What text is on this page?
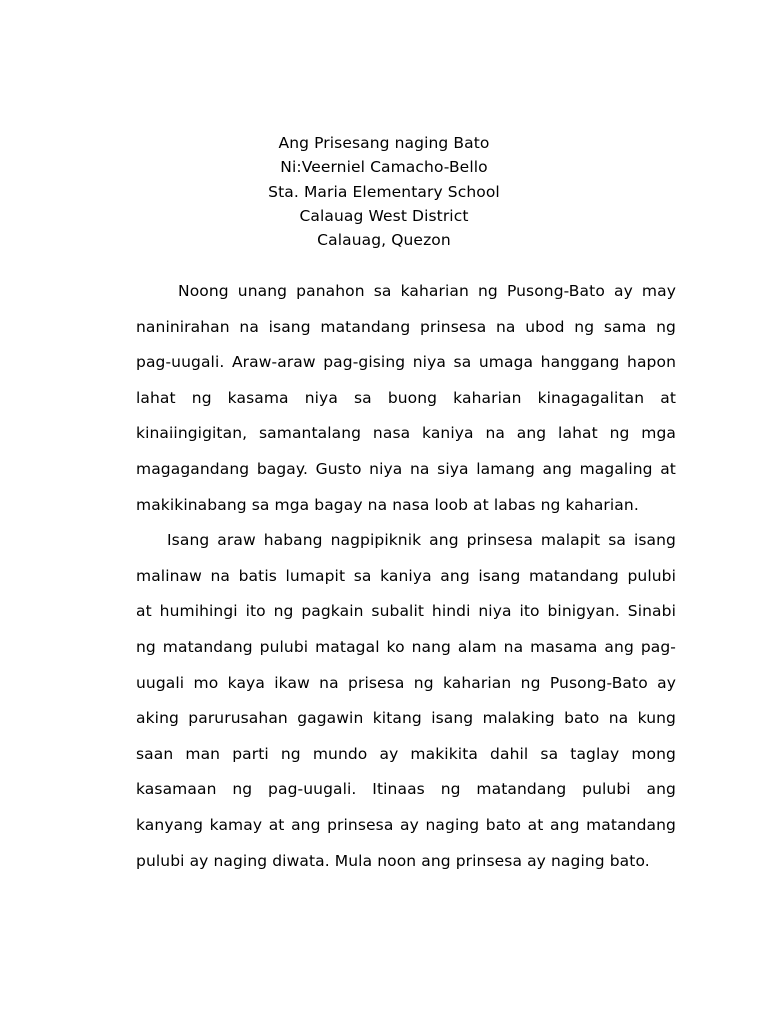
Ang Prisesang naging Bato
Ni:Veerniel Camacho-Bello
Sta. Maria Elementary School
Calauag West District
Calauag, Quezon
Noong unang panahon sa kaharian ng Pusong-Bato ay may
naninirahan na isang matandang prinsesa na ubod ng sama ng
pag-uugali. Araw-araw pag-gising niya sa umaga hanggang hapon
lahat ng kasama niya sa buong kaharian kinagagalitan at
kinaiingigitan, samantalang nasa kaniya na ang lahat ng mga
magagandang bagay. Gusto niya na siya lamang ang magaling at
makikinabang sa mga bagay na nasa loob at labas ng kaharian.
Isang araw habang nagpipiknik ang prinsesa malapit sa isang
malinaw na batis lumapit sa kaniya ang isang matandang pulubi
at humihingi ito ng pagkain subalit hindi niya ito binigyan. Sinabi
ng matandang pulubi matagal ko nang alam na masama ang pag-
uugali mo kaya ikaw na prisesa ng kaharian ng Pusong-Bato ay
aking parurusahan gagawin kitang isang malaking bato na kung
saan man parti ng mundo ay makikita dahil sa taglay mong
kasamaan ng pag-uugali. Itinaas ng matandang pulubi ang
kanyang kamay at ang prinsesa ay naging bato at ang matandang
pulubi ay naging diwata. Mula noon ang prinsesa ay naging bato.
